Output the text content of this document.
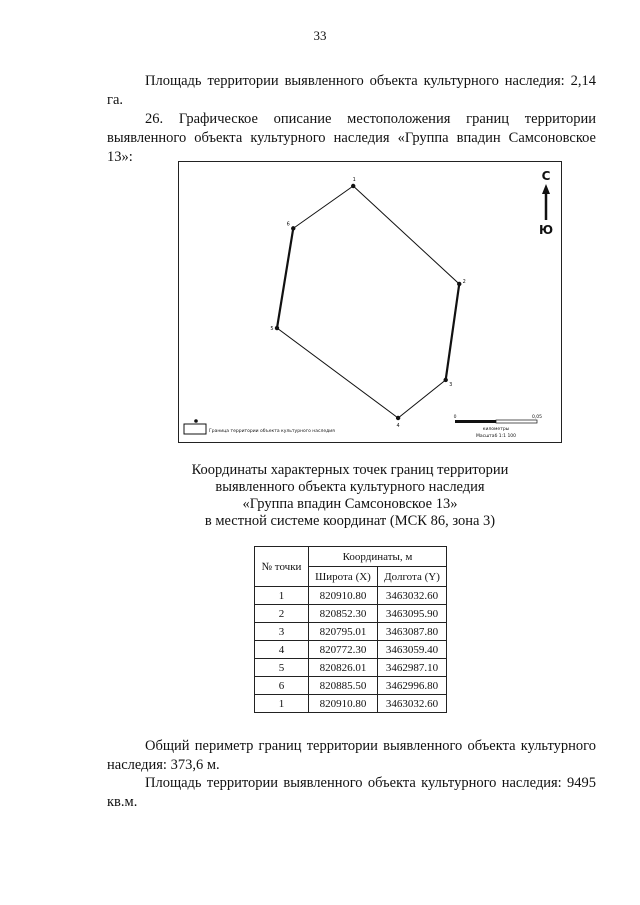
33
Площадь территории выявленного объекта культурного наследия: 2,14 га.
26. Графическое описание местоположения границ территории выявленного объекта культурного наследия «Группа впадин Самсоновское 13»:
1
2
3
4
5
6
С
Ю
Граница территории объекта культурного наследия
0	0,05
километры
Масштаб 1:1 100
Координаты характерных точек границ территории
выявленного объекта культурного наследия
«Группа впадин Самсоновское 13»
в местной системе координат (МСК 86, зона 3)
№ точки	Координаты, м	
	Широта (X)	Долгота (Y)
1	820910.80	3463032.60
2	820852.30	3463095.90
3	820795.01	3463087.80
4	820772.30	3463059.40
5	820826.01	3462987.10
6	820885.50	3462996.80
1	820910.80	3463032.60
Общий периметр границ территории выявленного объекта культурного наследия: 373,6 м.
Площадь территории выявленного объекта культурного наследия: 9495 кв.м.
